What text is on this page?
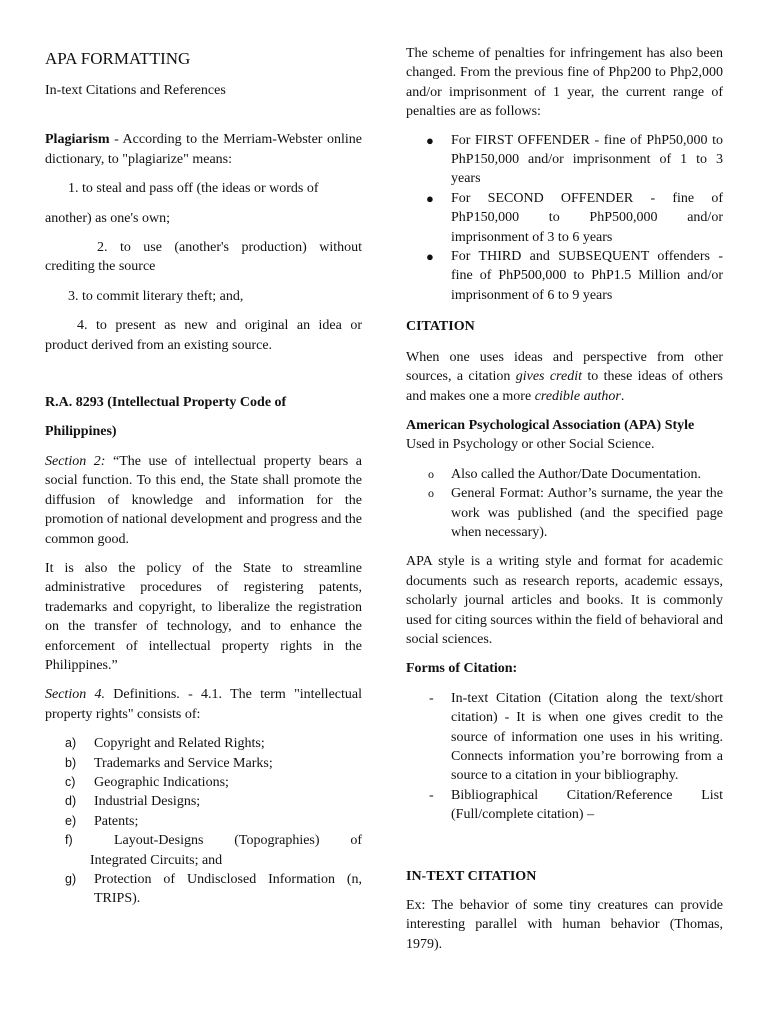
APA FORMATTING

In-text Citations and References

Plagiarism - According to the Merriam-Webster online dictionary, to "plagiarize" means:

1. to steal and pass off (the ideas or words of

another) as one's own;

2. to use (another's production) without crediting the source

3. to commit literary theft; and,

4. to present as new and original an idea or product derived from an existing source.

R.A. 8293 (Intellectual Property Code of

Philippines)

Section 2: “The use of intellectual property bears a social function. To this end, the State shall promote the diffusion of knowledge and information for the promotion of national development and progress and the common good.

It is also the policy of the State to streamline administrative procedures of registering patents, trademarks and copyright, to liberalize the registration on the transfer of technology, and to enhance the enforcement of intellectual property rights in the Philippines.”

Section 4. Definitions. - 4.1. The term "intellectual property rights" consists of:

a) Copyright and Related Rights;
b) Trademarks and Service Marks;
c) Geographic Indications;
d) Industrial Designs;
e) Patents;
f)	Layout-Designs (Topographies) of Integrated Circuits; and
g) Protection of Undisclosed Information (n, TRIPS).

The scheme of penalties for infringement has also been changed. From the previous fine of Php200 to Php2,000 and/or imprisonment of 1 year, the current range of penalties are as follows:

● For FIRST OFFENDER - fine of PhP50,000 to PhP150,000 and/or imprisonment of 1 to 3 years
● For SECOND OFFENDER - fine of PhP150,000 to PhP500,000 and/or imprisonment of 3 to 6 years
● For THIRD and SUBSEQUENT offenders - fine of PhP500,000 to PhP1.5 Million and/or imprisonment of 6 to 9 years

CITATION

When one uses ideas and perspective from other sources, a citation gives credit to these ideas of others and makes one a more credible author.

American Psychological Association (APA) Style

Used in Psychology or other Social Science.

o Also called the Author/Date Documentation.
o General Format: Author’s surname, the year the work was published (and the specified page when necessary).

APA style is a writing style and format for academic documents such as research reports, academic essays, scholarly journal articles and books. It is commonly used for citing sources within the field of behavioral and social sciences.

Forms of Citation:

- In-text Citation (Citation along the text/short citation) - It is when one gives credit to the source of information one uses in his writing. Connects information you’re borrowing from a source to a citation in your bibliography.
- Bibliographical Citation/Reference List (Full/complete citation) –

IN-TEXT CITATION

Ex: The behavior of some tiny creatures can provide interesting parallel with human behavior (Thomas, 1979).
